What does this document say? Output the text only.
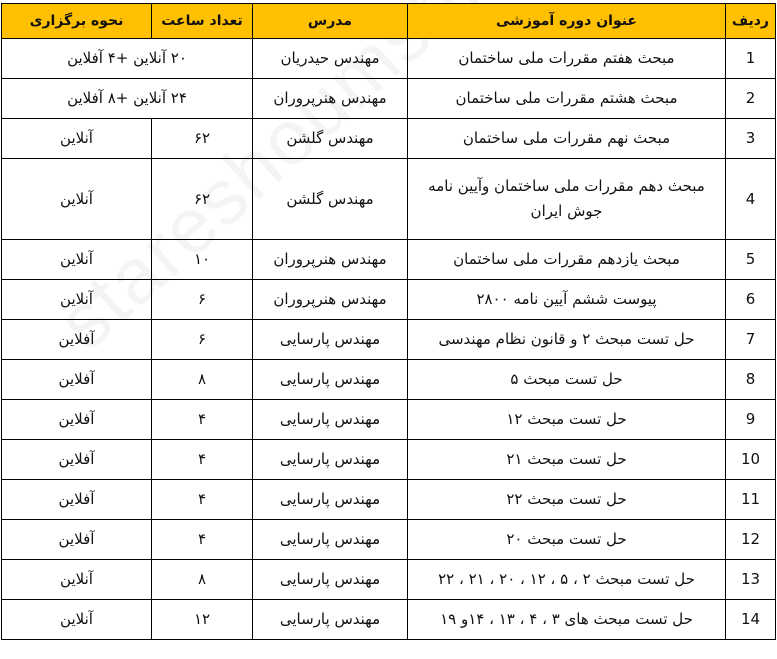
ردیف	عنوان دوره آموزشی	مدرس	تعداد ساعت	نحوه برگزاری
1	مبحث هفتم مقررات ملی ساختمان	مهندس حیدریان	۲۰ آنلاین +۴ آفلاین	
2	مبحث هشتم مقررات ملی ساختمان	مهندس هنرپروران	۲۴ آنلاین +۸ آفلاین	
3	مبحث نهم مقررات ملی ساختمان	مهندس گلشن	۶۲	آنلاین
4	مبحث دهم مقررات ملی ساختمان وآیین نامه جوش ایران	مهندس گلشن	۶۲	آنلاین
5	مبحث یازدهم مقررات ملی ساختمان	مهندس هنرپروران	۱۰	آنلاین
6	پیوست ششم آیین نامه ۲۸۰۰	مهندس هنرپروران	۶	آنلاین
7	حل تست مبحث ۲ و قانون نظام مهندسی	مهندس پارسایی	۶	آفلاین
8	حل تست مبحث ۵	مهندس پارسایی	۸	آفلاین
9	حل تست مبحث ۱۲	مهندس پارسایی	۴	آفلاین
10	حل تست مبحث ۲۱	مهندس پارسایی	۴	آفلاین
11	حل تست مبحث ۲۲	مهندس پارسایی	۴	آفلاین
12	حل تست مبحث ۲۰	مهندس پارسایی	۴	آفلاین
13	حل تست مبحث ۲ ، ۵ ، ۱۲ ، ۲۰ ، ۲۱ ، ۲۲	مهندس پارسایی	۸	آنلاین
14	حل تست مبحث های ۳ ، ۴ ، ۱۳ ، ۱۴و ۱۹	مهندس پارسایی	۱۲	آنلاین
